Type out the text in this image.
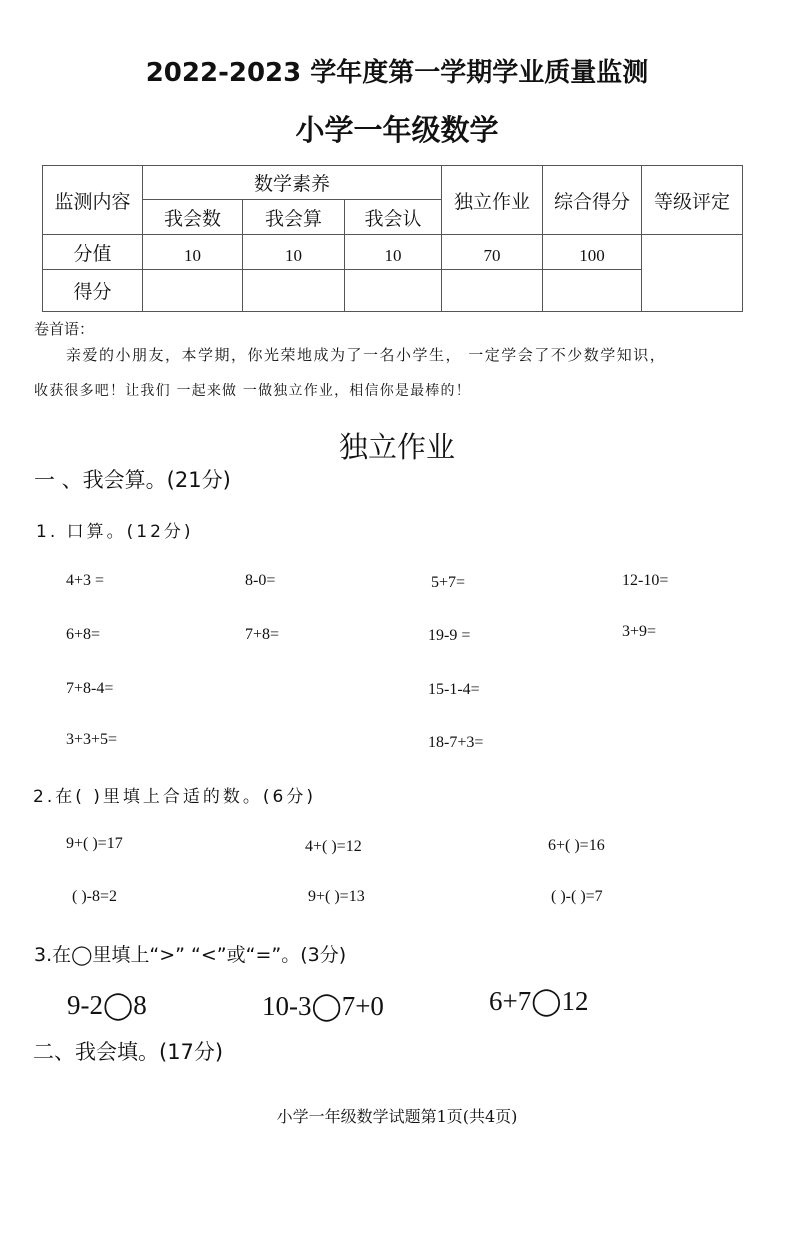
2022-2023 学年度第一学期学业质量监测
小学一年级数学
监测内容	数学素养			独立作业	综合得分	等级评定
	我会数	我会算	我会认			
分值	10	10	10	70	100	
得分						
卷首语：
亲爱的小朋友，本学期，你光荣地成为了一名小学生， 一定学会了不少数学知识，
收获很多吧！让我们 一起来做 一做独立作业，相信你是最棒的！
独立作业
一 、我会算。(21分)
1. 口算。(12分)
4+3 =	8-0=	5+7=	12-10=
6+8=	7+8=	19-9 =	3+9=
7+8-4=	15-1-4=
3+3+5=	18-7+3=
2.在( )里填上合适的数。(6分)
9+( )=17	4+( )=12	6+( )=16
( )-8=2	9+( )=13	( )-( )=7
3.在◯里填上“>” “<”或“=”。(3分)
9-2◯8	10-3◯7+0	6+7◯12
二、我会填。(17分)
小学一年级数学试题第1页(共4页)
